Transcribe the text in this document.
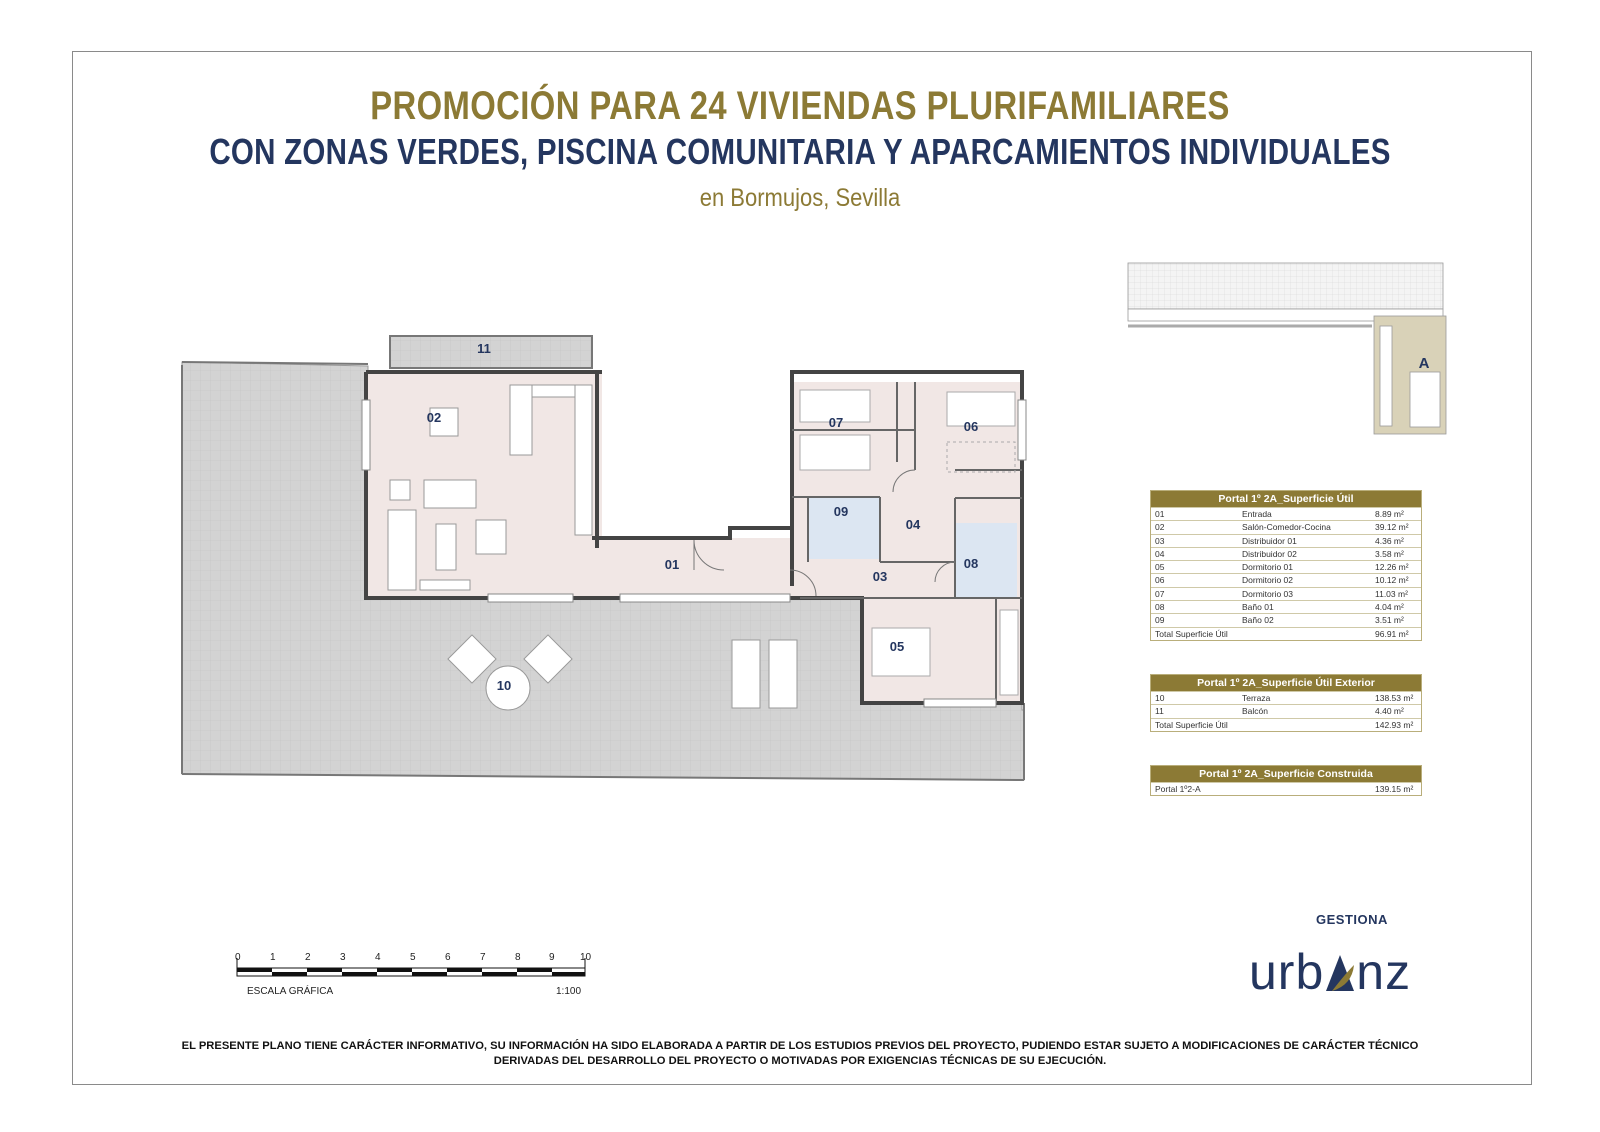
PROMOCIÓN PARA 24 VIVIENDAS PLURIFAMILIARES
CON ZONAS VERDES, PISCINA COMUNITARIA Y APARCAMIENTOS INDIVIDUALES
en Bormujos, Sevilla
01
02
03
04
05
06
07
08
09
10
11
A
0	1	2	3	4	5	6	7	8	9	10
ESCALA GRÁFICA	1:100
Portal 1º 2A_Superficie Útil
01	Entrada	8.89 m²
02	Salón-Comedor-Cocina	39.12 m²
03	Distribuidor 01	4.36 m²
04	Distribuidor 02	3.58 m²
05	Dormitorio 01	12.26 m²
06	Dormitorio 02	10.12 m²
07	Dormitorio 03	11.03 m²
08	Baño 01	4.04 m²
09	Baño 02	3.51 m²
Total Superficie Útil	96.91 m²
Portal 1º 2A_Superficie Útil Exterior
10	Terraza	138.53 m²
11	Balcón	4.40 m²
Total Superficie Útil	142.93 m²
Portal 1º 2A_Superficie Construida
Portal 1º2-A	139.15 m²
GESTIONA
urb nz
EL PRESENTE PLANO TIENE CARÁCTER INFORMATIVO, SU INFORMACIÓN HA SIDO ELABORADA A PARTIR DE LOS ESTUDIOS PREVIOS DEL PROYECTO, PUDIENDO ESTAR SUJETO A MODIFICACIONES DE CARÁCTER TÉCNICO
DERIVADAS DEL DESARROLLO DEL PROYECTO O MOTIVADAS POR EXIGENCIAS TÉCNICAS DE SU EJECUCIÓN.
